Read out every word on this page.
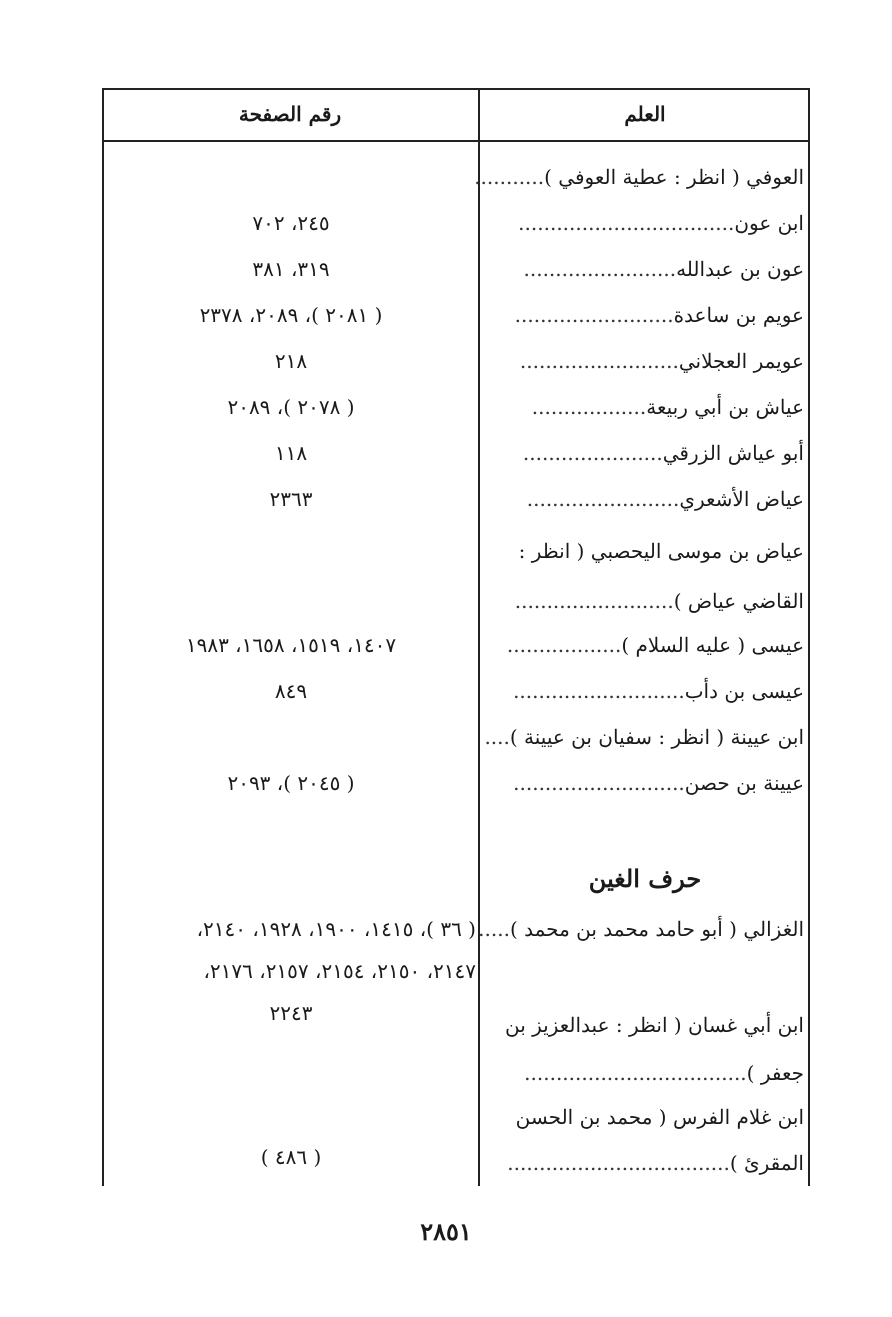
رقم الصفحة	العلم
العوفي ( انظر : عطية العوفي )...........
ابن عون..................................
٢٤٥، ٧٠٢
عون بن عبدالله........................
٣١٩، ٣٨١
عويم بن ساعدة.........................
( ٢٠٨١ )، ٢٠٨٩، ٢٣٧٨
عويمر العجلاني.........................
٢١٨
عياش بن أبي ربيعة..................
( ٢٠٧٨ )، ٢٠٨٩
أبو عياش الزرقي......................
١١٨
عياض الأشعري........................
٢٣٦٣
عياض بن موسى اليحصبي ( انظر :
القاضي عياض ).........................
عيسى ( عليه السلام )..................
١٤٠٧، ١٥١٩، ١٦٥٨، ١٩٨٣
عيسى بن دأب...........................
٨٤٩
ابن عيينة ( انظر : سفيان بن عيينة )....
عيينة بن حصن...........................
( ٢٠٤٥ )، ٢٠٩٣
حرف الغين
الغزالي ( أبو حامد محمد بن محمد ).....
( ٣٦ )، ١٤١٥، ١٩٠٠، ١٩٢٨، ٢١٤٠،
٢١٤٧، ٢١٥٠، ٢١٥٤، ٢١٥٧، ٢١٧٦،
ابن أبي غسان ( انظر : عبدالعزيز بن
٢٢٤٣
جعفر )...................................
ابن غلام الفرس ( محمد بن الحسن
المقرئ )...................................
( ٤٨٦ )
٢٨٥١
